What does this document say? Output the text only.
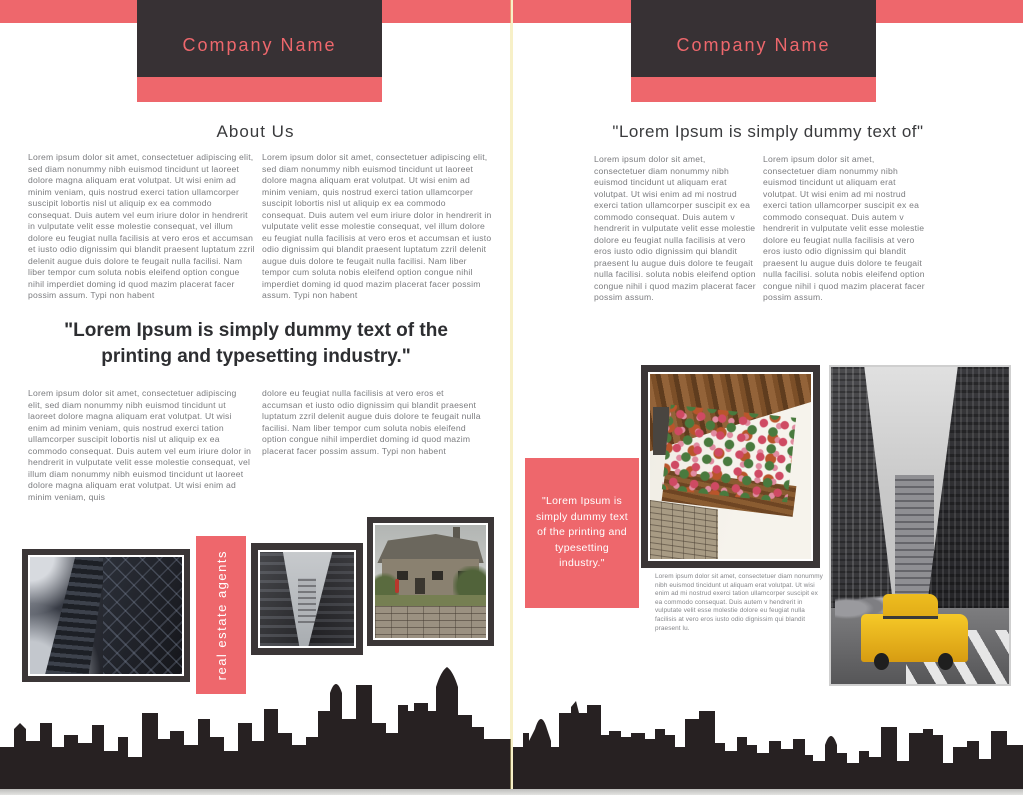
Company Name
About Us
Lorem ipsum dolor sit amet, consectetuer adipiscing elit, sed diam nonummy nibh euismod tincidunt ut laoreet dolore magna aliquam erat volutpat. Ut wisi enim ad minim veniam, quis nostrud exerci tation ullamcorper suscipit lobortis nisl ut aliquip ex ea commodo consequat. Duis autem vel eum iriure dolor in hendrerit in vulputate velit esse molestie consequat, vel illum dolore eu feugiat nulla facilisis at vero eros et accumsan et iusto odio dignissim qui blandit praesent luptatum zzril delenit augue duis dolore te feugait nulla facilisi. Nam liber tempor cum soluta nobis eleifend option congue nihil imperdiet doming id quod mazim placerat facer possim assum. Typi non habent
Lorem ipsum dolor sit amet, consectetuer adipiscing elit, sed diam nonummy nibh euismod tincidunt ut laoreet dolore magna aliquam erat volutpat. Ut wisi enim ad minim veniam, quis nostrud exerci tation ullamcorper suscipit lobortis nisl ut aliquip ex ea commodo consequat. Duis autem vel eum iriure dolor in hendrerit in vulputate velit esse molestie consequat, vel illum dolore eu feugiat nulla facilisis at vero eros et accumsan et iusto odio dignissim qui blandit praesent luptatum zzril delenit augue duis dolore te feugait nulla facilisi. Nam liber tempor cum soluta nobis eleifend option congue nihil imperdiet doming id quod mazim placerat facer possim assum. Typi non habent
"Lorem Ipsum is simply dummy text of the printing and typesetting industry."
Lorem ipsum dolor sit amet, consectetuer adipiscing elit, sed diam nonummy nibh euismod tincidunt ut laoreet dolore magna aliquam erat volutpat. Ut wisi enim ad minim veniam, quis nostrud exerci tation ullamcorper suscipit lobortis nisl ut aliquip ex ea commodo consequat. Duis autem vel eum iriure dolor in hendrerit in vulputate velit esse molestie consequat, vel illum diam nonummy nibh euismod tincidunt ut laoreet dolore magna aliquam erat volutpat. Ut wisi enim ad minim veniam, quis
dolore eu feugiat nulla facilisis at vero eros et accumsan et iusto odio dignissim qui blandit praesent luptatum zzril delenit augue duis dolore te feugait nulla facilisi. Nam liber tempor cum soluta nobis eleifend option congue nihil imperdiet doming id quod mazim placerat facer possim assum. Typi non habent
real estate agents
Company Name
"Lorem Ipsum is simply dummy text of"
Lorem ipsum dolor sit amet, consectetuer diam nonummy nibh euismod tincidunt ut aliquam erat volutpat. Ut wisi enim ad mi nostrud exerci tation ullamcorper suscipit ex ea commodo consequat. Duis autem v hendrerit in vulputate velit esse molestie dolore eu feugiat nulla facilisis at vero eros iusto odio dignissim qui blandit praesent lu augue duis dolore te feugait nulla facilisi. soluta nobis eleifend option congue nihil i quod mazim placerat facer possim assum.
Lorem ipsum dolor sit amet, consectetuer diam nonummy nibh euismod tincidunt ut aliquam erat volutpat. Ut wisi enim ad mi nostrud exerci tation ullamcorper suscipit ex ea commodo consequat. Duis autem v hendrerit in vulputate velit esse molestie dolore eu feugiat nulla facilisis at vero eros iusto odio dignissim qui blandit praesent lu augue duis dolore te feugait nulla facilisi. soluta nobis eleifend option congue nihil i quod mazim placerat facer possim assum.
"Lorem Ipsum is simply dummy text of the printing and typesetting industry."
Lorem ipsum dolor sit amet, consectetuer diam nonummy nibh euismod tincidunt ut aliquam erat volutpat. Ut wisi enim ad mi nostrud exerci tation ullamcorper suscipit ex ea commodo consequat. Duis autem v hendrerit in vulputate velit esse molestie dolore eu feugiat nulla facilisis at vero eros iusto odio dignissim qui blandit praesent lu.
